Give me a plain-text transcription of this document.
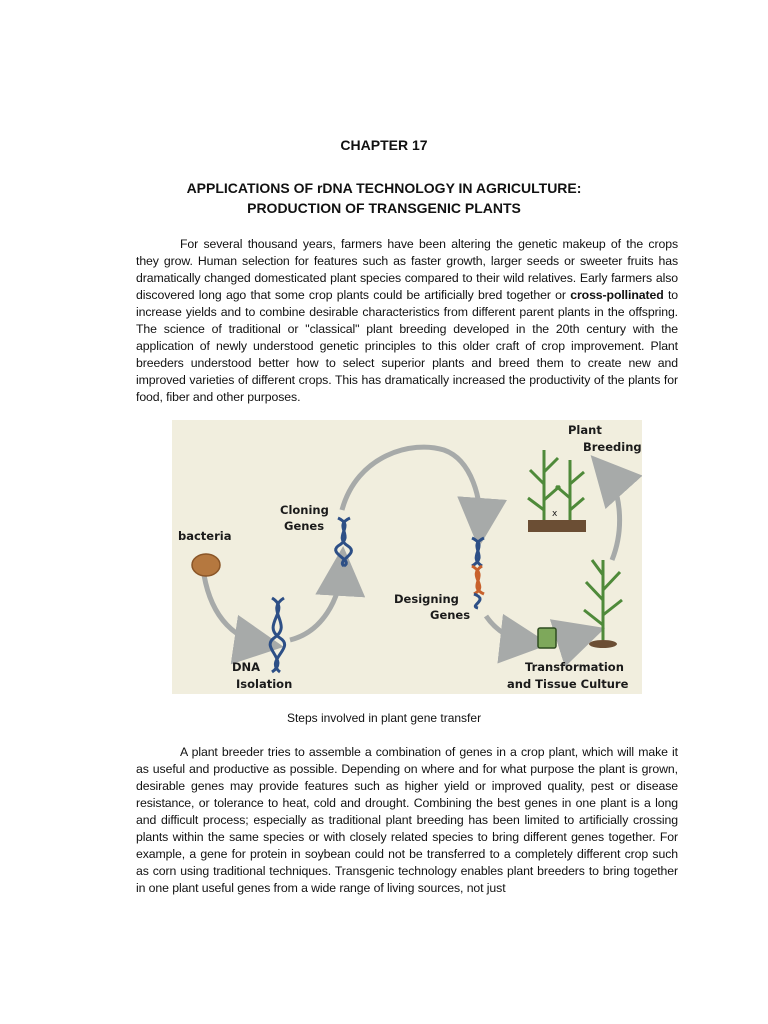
CHAPTER 17
APPLICATIONS OF rDNA TECHNOLOGY IN AGRICULTURE:
PRODUCTION OF TRANSGENIC PLANTS
For several thousand years, farmers have been altering the genetic makeup of the crops they grow. Human selection for features such as faster growth, larger seeds or sweeter fruits has dramatically changed domesticated plant species compared to their wild relatives. Early farmers also discovered long ago that some crop plants could be artificially bred together or cross-pollinated to increase yields and to combine desirable characteristics from different parent plants in the offspring. The science of traditional or "classical" plant breeding developed in the 20th century with the application of newly understood genetic principles to this older craft of crop improvement. Plant breeders understood better how to select superior plants and breed them to create new and improved varieties of different crops. This has dramatically increased the productivity of the plants for food, fiber and other purposes.
x
bacteria
DNA
Isolation
Cloning
Genes
Designing
Genes
Plant
Breeding
Transformation
and Tissue Culture
Steps involved in plant gene transfer
A plant breeder tries to assemble a combination of genes in a crop plant, which will make it as useful and productive as possible. Depending on where and for what purpose the plant is grown, desirable genes may provide features such as higher yield or improved quality, pest or disease resistance, or tolerance to heat, cold and drought. Combining the best genes in one plant is a long and difficult process; especially as traditional plant breeding has been limited to artificially crossing plants within the same species or with closely related species to bring different genes together. For example, a gene for protein in soybean could not be transferred to a completely different crop such as corn using traditional techniques. Transgenic technology enables plant breeders to bring together in one plant useful genes from a wide range of living sources, not just
